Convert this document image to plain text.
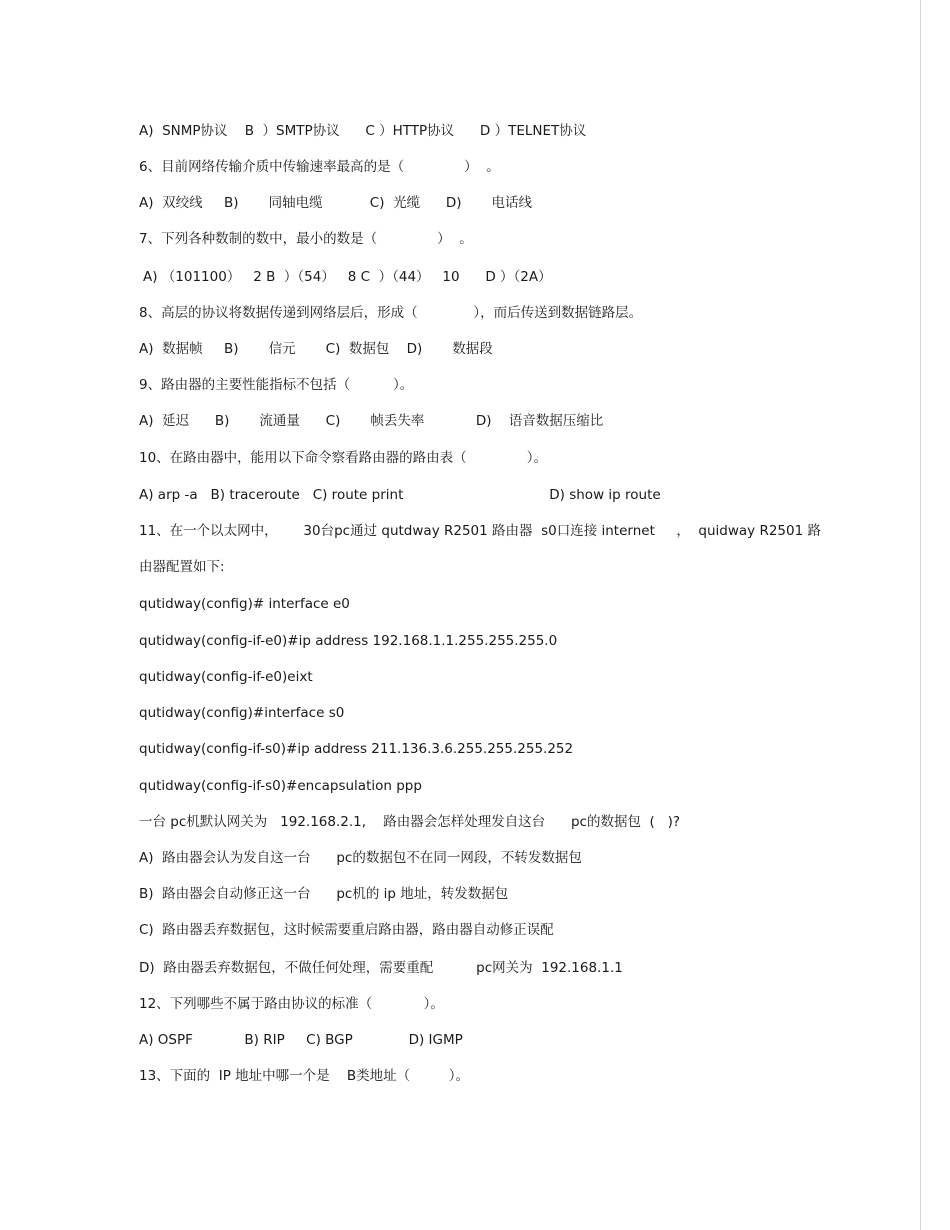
A)  SNMP协议    B  ）SMTP协议      C ）HTTP协议      D ）TELNET协议
6、目前网络传输介质中传输速率最高的是（              ）  。
A)  双绞线     B)       同轴电缆           C)  光缆      D)       电话线
7、下列各种数制的数中，最小的数是（              ）  。
A) （101100）   2 B  ）（54）   8 C  ）（44）   10      D ）（2A）
8、高层的协议将数据传递到网络层后，形成（             ），而后传送到数据链路层。
A)  数据帧     B)       信元       C)  数据包    D)       数据段
9、路由器的主要性能指标不包括（          ）。
A)  延迟      B)       流通量      C)       帧丢失率            D)    语音数据压缩比
10、在路由器中，能用以下命令察看路由器的路由表（              ）。
A) arp -a   B) traceroute   C) route print                                  D) show ip route
11、在一个以太网中，      30台pc通过 qutdway R2501 路由器  s0口连接 internet     ，  quidway R2501 路
由器配置如下:
qutidway(config)# interface e0
qutidway(config-if-e0)#ip address 192.168.1.1.255.255.255.0
qutidway(config-if-e0)eixt
qutidway(config)#interface s0
qutidway(config-if-s0)#ip address 211.136.3.6.255.255.255.252
qutidway(config-if-s0)#encapsulation ppp
一台 pc机默认网关为   192.168.2.1,    路由器会怎样处理发自这台      pc的数据包  (   )?
A)  路由器会认为发自这一台      pc的数据包不在同一网段，不转发数据包
B)  路由器会自动修正这一台      pc机的 ip 地址，转发数据包
C)  路由器丢弃数据包，这时候需要重启路由器，路由器自动修正误配
D)  路由器丢弃数据包，不做任何处理，需要重配          pc网关为  192.168.1.1
12、下列哪些不属于路由协议的标准（            ）。
A) OSPF            B) RIP     C) BGP             D) IGMP
13、下面的  IP 地址中哪一个是    B类地址（         ）。
